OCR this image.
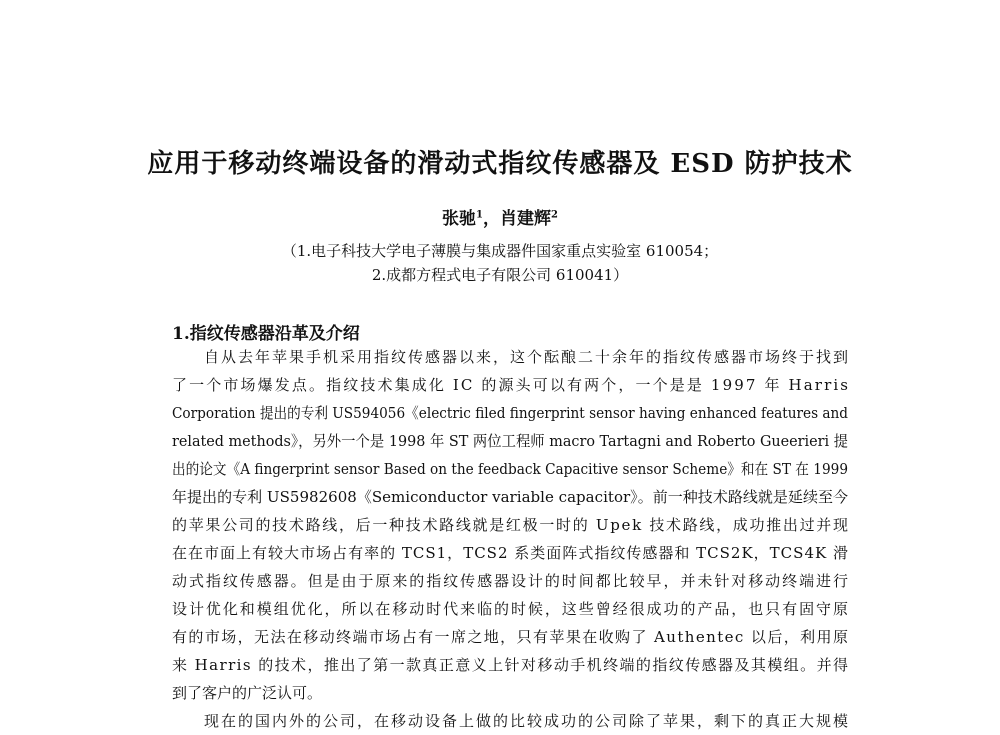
应用于移动终端设备的滑动式指纹传感器及 ESD 防护技术
张驰$^1$，肖建辉$^2$
（1.电子科技大学电子薄膜与集成器件国家重点实验室 610054；
2.成都方程式电子有限公司 610041）
1.指纹传感器沿革及介绍
自从去年苹果手机采用指纹传感器以来，这个酝酿二十余年的指纹传感器市场终于找到
了一个市场爆发点。指纹技术集成化 IC 的源头可以有两个，一个是是 1997 年 Harris
Corporation 提出的专利 US594056《electric filed fingerprint sensor having enhanced features and
related methods》，另外一个是 1998 年 ST 两位工程师 macro Tartagni and Roberto Gueerieri 提
出的论文《A fingerprint sensor Based on the feedback Capacitive sensor Scheme》和在 ST 在 1999
年提出的专利 US5982608《Semiconductor variable capacitor》。前一种技术路线就是延续至今
的苹果公司的技术路线，后一种技术路线就是红极一时的 Upek 技术路线，成功推出过并现
在在市面上有较大市场占有率的 TCS1，TCS2 系类面阵式指纹传感器和 TCS2K，TCS4K 滑
动式指纹传感器。但是由于原来的指纹传感器设计的时间都比较早，并未针对移动终端进行
设计优化和模组优化，所以在移动时代来临的时候，这些曾经很成功的产品，也只有固守原
有的市场，无法在移动终端市场占有一席之地，只有苹果在收购了 Authentec 以后，利用原
来 Harris 的技术，推出了第一款真正意义上针对移动手机终端的指纹传感器及其模组。并得
到了客户的广泛认可。
现在的国内外的公司，在移动设备上做的比较成功的公司除了苹果，剩下的真正大规模
